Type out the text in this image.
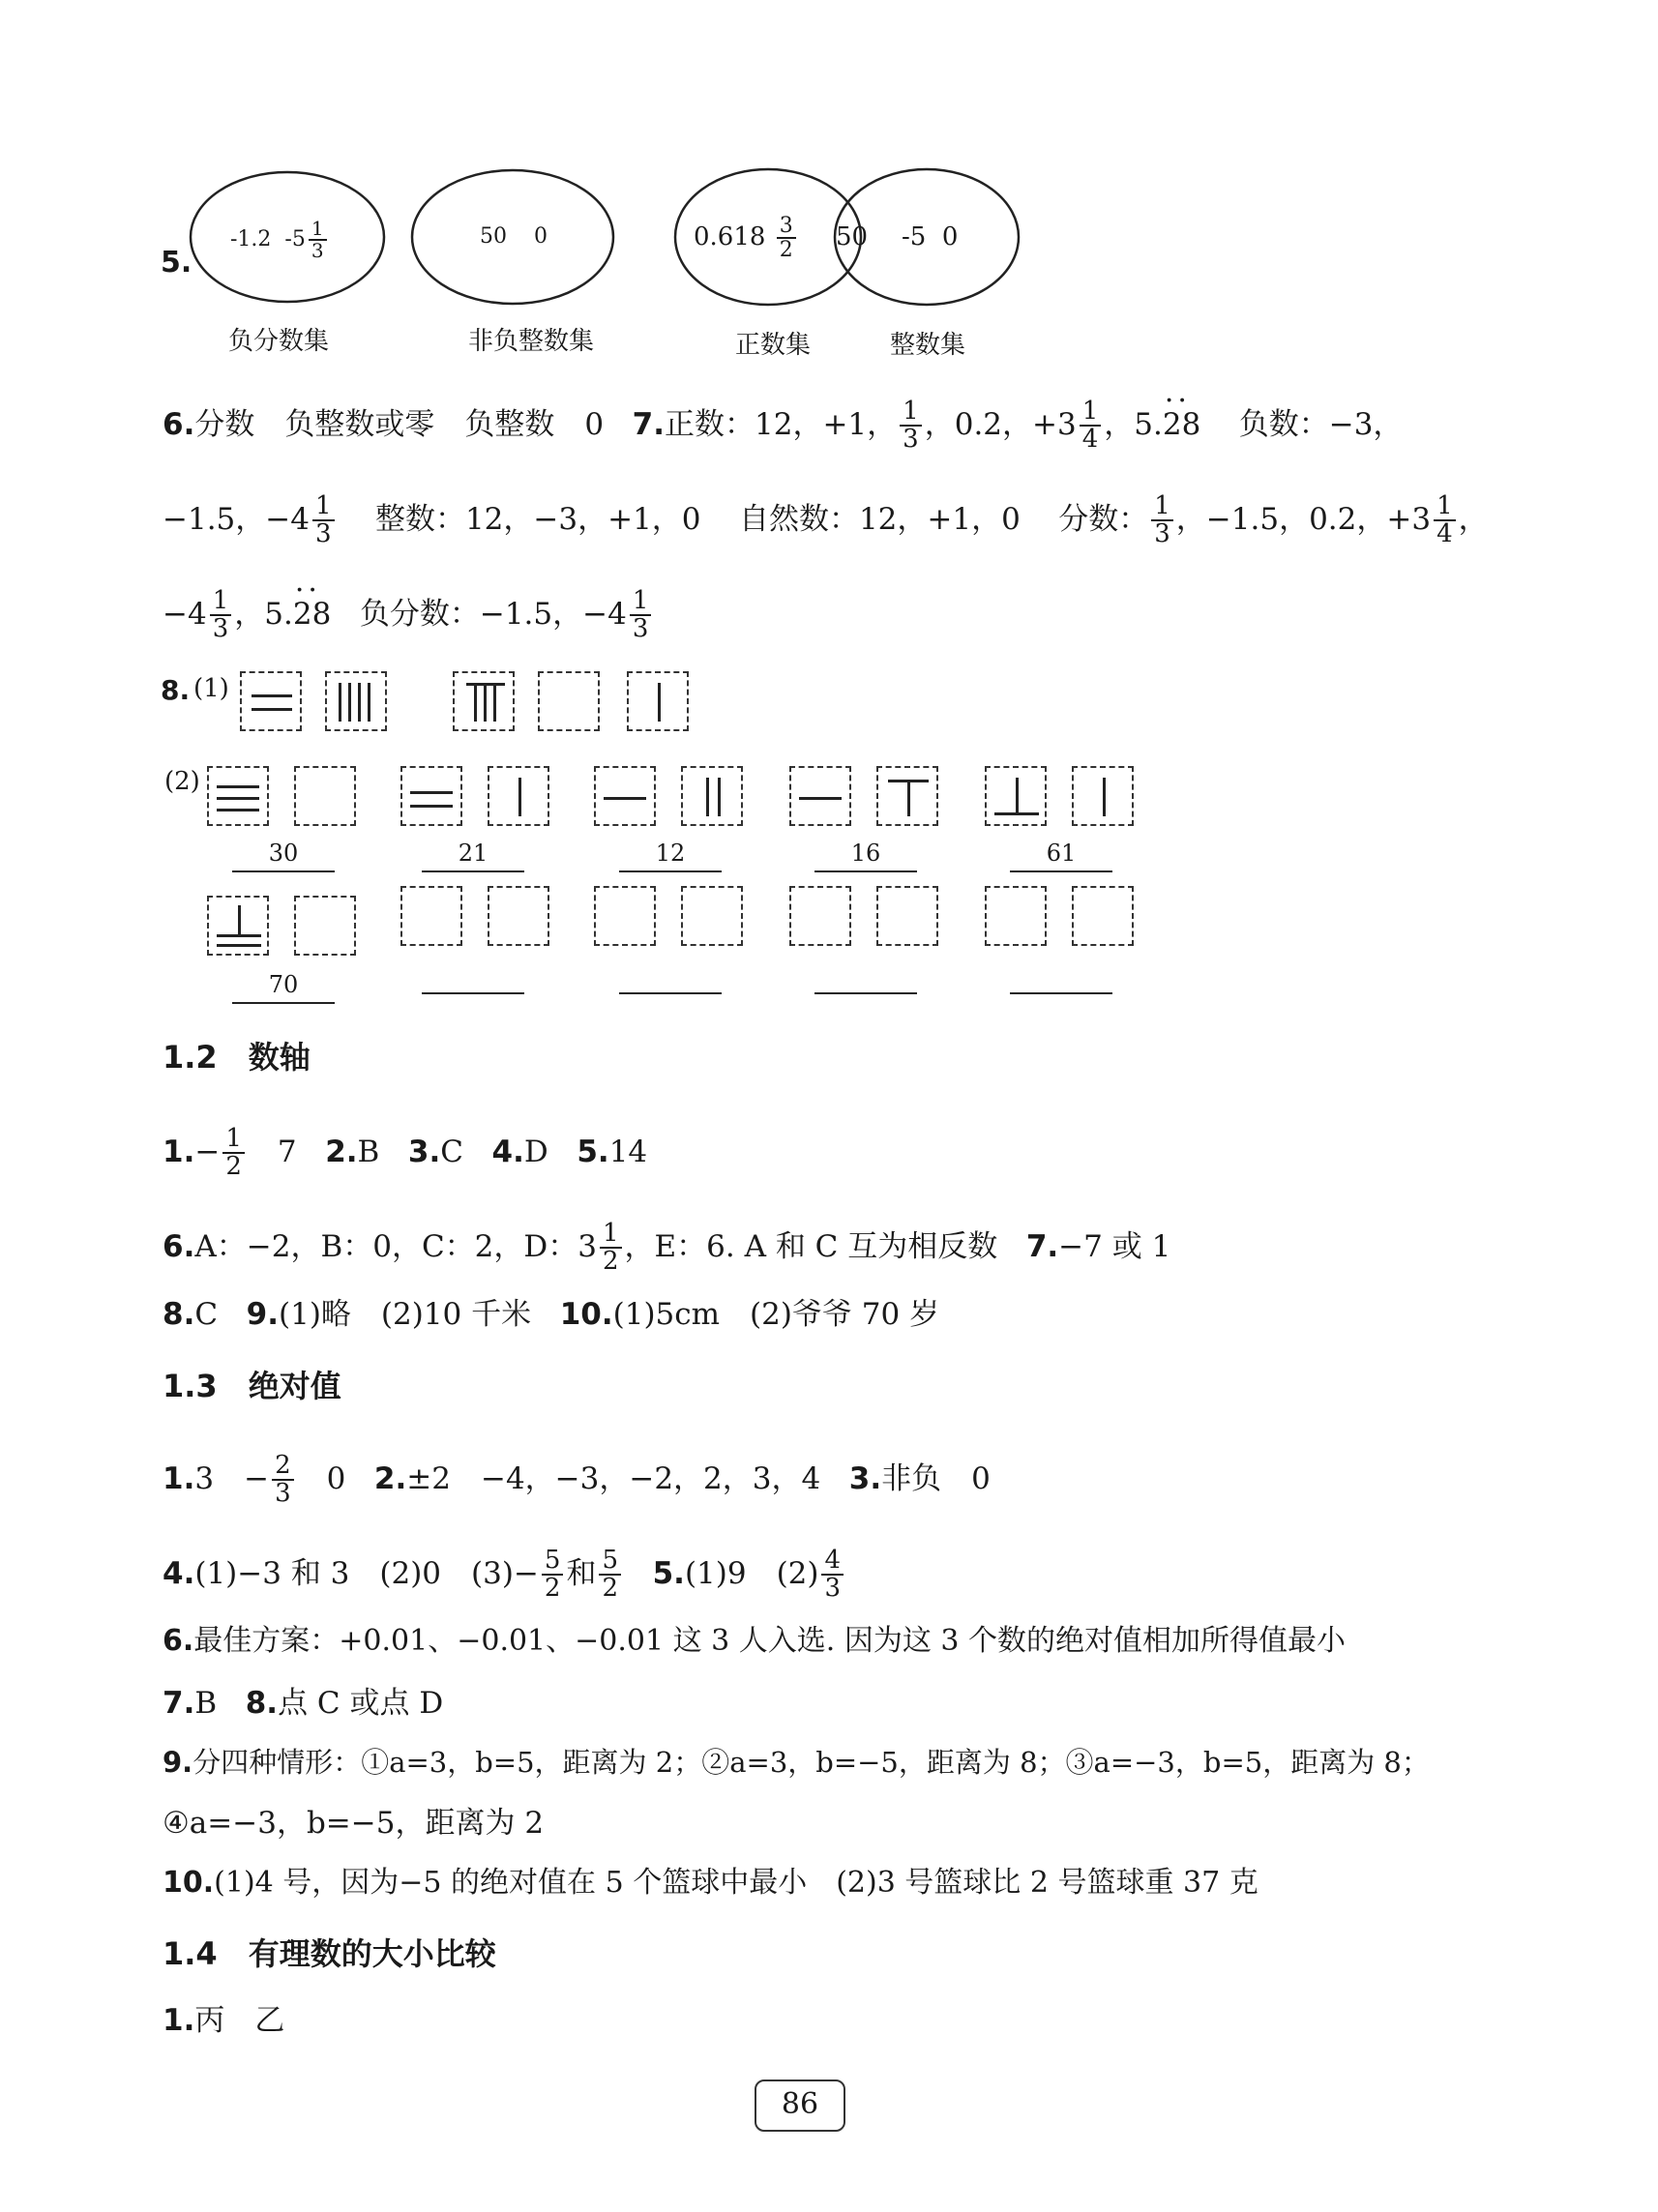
5.
-1.2 $-5 \frac{1}{3}$	50 0	$0.618 \frac{3}{2} 50$ -5 0
负分数集	非负整数集	正数集	整数集
6.分数　负整数或零　负整数　0 7.正数：12，+1， $\frac{1}{3}$ ，0.2，$+3 \frac{1}{4}$ ，5.·· 28 负数：−3，
−1.5，$-4 \frac{1}{3}$ 整数：12，−3，+1，0 自然数：12，+1，0 分数： $\frac{1}{3}$ ，−1.5，0.2，$+3 \frac{1}{4}$ ，
$-4 \frac{1}{3}$ ，5.·· 28 负分数：−1.5，$-4 \frac{1}{3}$
8. (1)
(2)
30	21	12	16	61
70
1.2　数轴
$1.- \frac{1}{2}$ 　7 2.B 3.C 4.D 5.14
6.A：−2，B：0，C：2，D：$3 \frac{1}{2}$ ，E：6. A 和 C 互为相反数 7.−7 或 1
8.C 9.(1)略　(2)10 千米 10.(1)5cm　(2)爷爷 70 岁
1.3　绝对值
1.3　− $\frac{2}{3}$ 　0 2.±2　−4，−3，−2，2，3，4 3.非负　0
4.(1)−3 和 3　(2)0　$(3)- \frac{5}{2}$ 和 $\frac{5}{2} 5.(1)9$　$(2) \frac{4}{3}$
6.最佳方案：+0.01、−0.01、−0.01 这 3 人入选. 因为这 3 个数的绝对值相加所得值最小
7.B 8.点 C 或点 D
9.分四种情形：①a=3，b=5，距离为 2；②a=3，b=−5，距离为 8；③a=−3，b=5，距离为 8；
④a=−3，b=−5，距离为 2
10.(1)4 号，因为−5 的绝对值在 5 个篮球中最小　(2)3 号篮球比 2 号篮球重 37 克
1.4　有理数的大小比较
1.丙　乙
86
